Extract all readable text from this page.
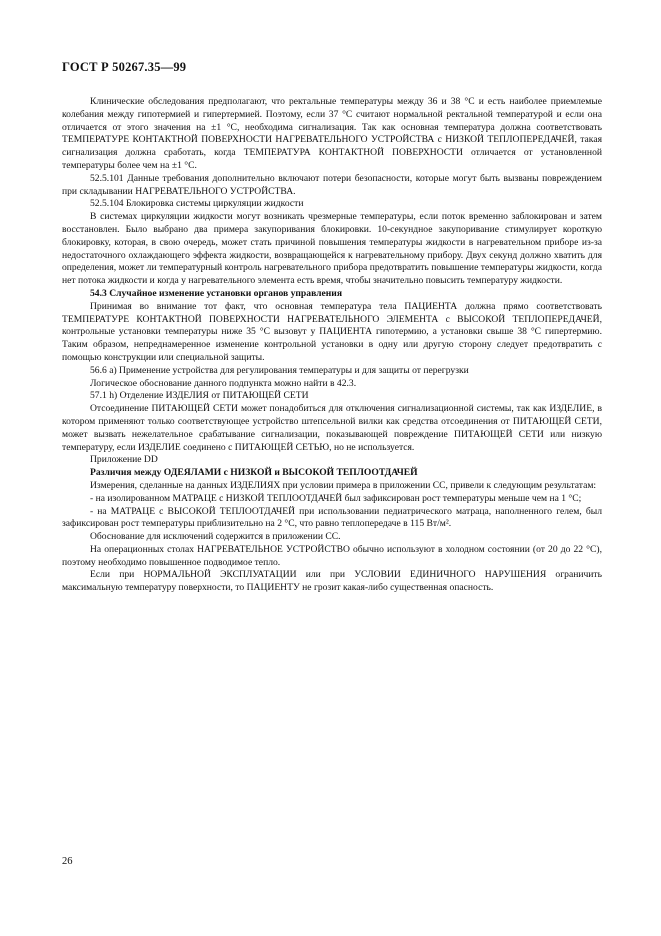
ГОСТ Р 50267.35—99

Клинические обследования предполагают, что ректальные температуры между 36 и 38 °С и есть наиболее приемлемые колебания между гипотермией и гипертермией. Поэтому, если 37 °С считают нормальной ректальной температурой и если она отличается от этого значения на ±1 °С, необходима сигнализация. Так как основная температура должна соответствовать ТЕМПЕРАТУРЕ КОНТАКТНОЙ ПОВЕРХНОСТИ НАГРЕВАТЕЛЬНОГО УСТРОЙСТВА с НИЗКОЙ ТЕПЛОПЕРЕДАЧЕЙ, такая сигнализация должна сработать, когда ТЕМПЕРАТУРА КОНТАКТНОЙ ПОВЕРХНОСТИ отличается от установленной температуры более чем на ±1 °С.

52.5.101 Данные требования дополнительно включают потери безопасности, которые могут быть вызваны повреждением при складывании НАГРЕВАТЕЛЬНОГО УСТРОЙСТВА.

52.5.104 Блокировка системы циркуляции жидкости

В системах циркуляции жидкости могут возникать чрезмерные температуры, если поток временно заблокирован и затем восстановлен. Было выбрано два примера закупоривания блокировки. 10-секундное закупоривание стимулирует короткую блокировку, которая, в свою очередь, может стать причиной повышения температуры жидкости в нагревательном приборе из-за недостаточного охлаждающего эффекта жидкости, возвращающейся к нагревательному прибору. Двух секунд должно хватить для определения, может ли температурный контроль нагревательного прибора предотвратить повышение температуры жидкости, когда нет потока жидкости и когда у нагревательного элемента есть время, чтобы значительно повысить температуру жидкости.

54.3 Случайное изменение установки органов управления

Принимая во внимание тот факт, что основная температура тела ПАЦИЕНТА должна прямо соответствовать ТЕМПЕРАТУРЕ КОНТАКТНОЙ ПОВЕРХНОСТИ НАГРЕВАТЕЛЬНОГО ЭЛЕМЕНТА с ВЫСОКОЙ ТЕПЛОПЕРЕДАЧЕЙ, контрольные установки температуры ниже 35 °С вызовут у ПАЦИЕНТА гипотермию, а установки свыше 38 °С гипертермию. Таким образом, непреднамеренное изменение контрольной установки в одну или другую сторону следует предотвратить с помощью конструкции или специальной защиты.

56.6 а) Применение устройства для регулирования температуры и для защиты от перегрузки

Логическое обоснование данного подпункта можно найти в 42.3.

57.1 h) Отделение ИЗДЕЛИЯ от ПИТАЮЩЕЙ СЕТИ

Отсоединение ПИТАЮЩЕЙ СЕТИ может понадобиться для отключения сигнализационной системы, так как ИЗДЕЛИЕ, в котором применяют только соответствующее устройство штепсельной вилки как средства отсоединения от ПИТАЮЩЕЙ СЕТИ, может вызвать нежелательное срабатывание сигнализации, показывающей повреждение ПИТАЮЩЕЙ СЕТИ или низкую температуру, если ИЗДЕЛИЕ соединено с ПИТАЮЩЕЙ СЕТЬЮ, но не используется.

Приложение DD

Различия между ОДЕЯЛАМИ с НИЗКОЙ и ВЫСОКОЙ ТЕПЛООТДАЧЕЙ

Измерения, сделанные на данных ИЗДЕЛИЯХ при условии примера в приложении СС, привели к следующим результатам:

- на изолированном МАТРАЦЕ с НИЗКОЙ ТЕПЛООТДАЧЕЙ был зафиксирован рост температуры меньше чем на 1 °С;

- на МАТРАЦЕ с ВЫСОКОЙ ТЕПЛООТДАЧЕЙ при использовании педиатрического матраца, наполненного гелем, был зафиксирован рост температуры приблизительно на 2 °С, что равно теплопередаче в 115 Вт/м².

Обоснование для исключений содержится в приложении СС.

На операционных столах НАГРЕВАТЕЛЬНОЕ УСТРОЙСТВО обычно используют в холодном состоянии (от 20 до 22 °С), поэтому необходимо повышенное подводимое тепло.

Если при НОРМАЛЬНОЙ ЭКСПЛУАТАЦИИ или при УСЛОВИИ ЕДИНИЧНОГО НАРУШЕНИЯ ограничить максимальную температуру поверхности, то ПАЦИЕНТУ не грозит какая-либо существенная опасность.

26
